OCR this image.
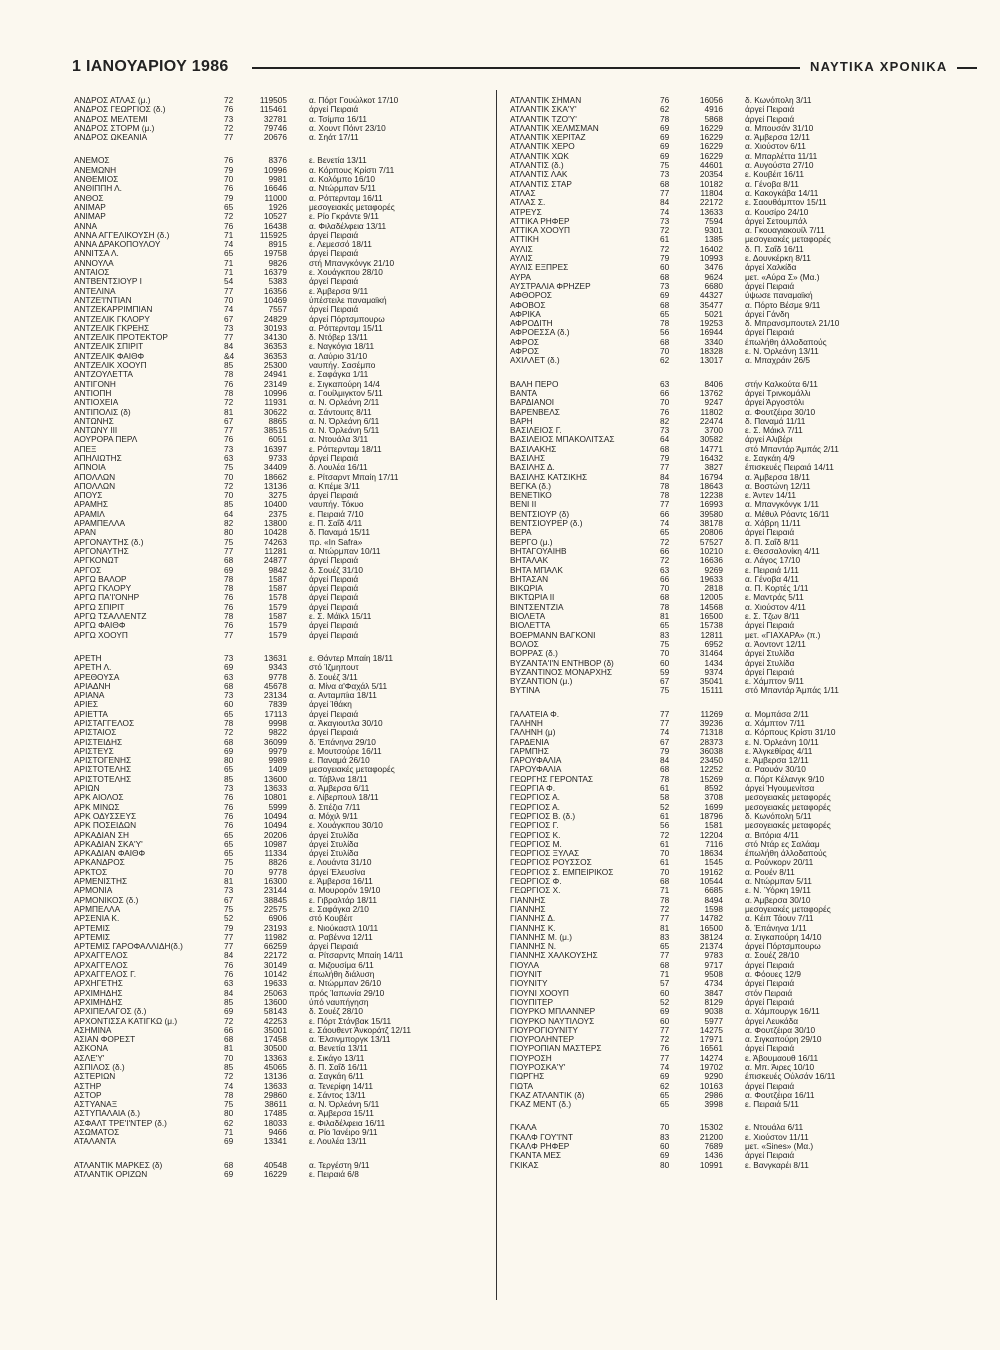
1 ΙΑΝΟΥΑΡΙΟΥ 1986	ΝΑΥΤΙΚΑ ΧΡΟΝΙΚΑ
ΑΝΔΡΟΣ ΑΤΛΑΣ (μ.)	72	119505	α. Πόρτ Γουώλκοτ 17/10
ΑΝΔΡΟΣ ΓΕΩΡΓΙΟΣ (δ.)	76	115461	άργεί Πειραιά
ΑΝΔΡΟΣ ΜΕΛΤΕΜΙ	73	32781	α. Τσίμπα 16/11
ΑΝΔΡΟΣ ΣΤΟΡΜ (μ.)	72	79746	α. Χουντ Πόιντ 23/10
ΑΝΔΡΟΣ ΩΚΕΑΝΙΑ	77	20676	α. Σηάτ 17/11
ΑΝΕΜΟΣ	76	8376	ε. Βενετία 13/11
ΑΝΕΜΩΝΗ	79	10996	α. Κόρπους Κρίστι 7/11
ΑΝΘΕΜΙΟΣ	70	9981	α. Κολόμπο 16/10
ΑΝΘΙΠΠΗ Λ.	76	16646	α. Ντώρμπαν 5/11
ΑΝΘΟΣ	79	11000	α. Ρόττερνταμ 16/11
ΑΝΙΜΑΡ	65	1926	μεσογειακές μεταφορές
ΑΝΙΜΑΡ	72	10527	ε. Ρίο Γκράντε 9/11
ΑΝΝΑ	76	16438	α. Φιλαδέλφεια 13/11
ΑΝΝΑ ΑΓΓΕΛΙΚΟΥΣΗ (δ.)	71	115925	άργεί Πειραιά
ΑΝΝΑ ΔΡΑΚΟΠΟΥΛΟΥ	74	8915	ε. Λεμεσσό 18/11
ΑΝΝΙΤΣΑ Λ.	65	19758	άργεί Πειραιά
ΑΝΝΟΥΛΑ	71	9826	στή Μπανγκόνγκ 21/10
ΑΝΤΑΙΟΣ	71	16379	ε. Χουάγκπου 28/10
ΑΝΤΒΕΝΤΣΙΟΥΡ Ι	54	5383	άργεί Πειραιά
ΑΝΤΕΛΙΝΑ	77	16356	ε. Άμβερσα 9/11
ΑΝΤΖΕ'Ι'ΝΤΙΑΝ	70	10469	ύπέστειλε παναμαϊκή
ΑΝΤΖΕΚΑΡΡΙΜΠΙΑΝ	74	7557	άργεί Πειραιά
ΑΝΤΖΕΛΙΚ ΓΚΛΟΡΥ	67	24829	άργεί Πόρτσμπουρω
ΑΝΤΖΕΛΙΚ ΓΚΡΕΗΣ	73	30193	α. Ρόττερνταμ 15/11
ΑΝΤΖΕΛΙΚ ΠΡΟΤΕΚΤΟΡ	77	34130	δ. Ντόβερ 13/11
ΑΝΤΖΕΛΙΚ ΣΠΙΡΙΤ	84	36353	ε. Ναγκόγια 18/11
ΑΝΤΖΕΛΙΚ ΦΑΙΘΦ	&4	36353	α. Λαύριο 31/10
ΑΝΤΖΕΛΙΚ ΧΟΟΥΠ	85	25300	ναυπήγ. Σασέμπο
ΑΝΤΖΟΥΛΕΤΤΑ	78	24941	ε. Σαφάγκα 1/11
ΑΝΤΙΓΟΝΗ	76	23149	ε. Σιγκαπούρη 14/4
ΑΝΤΙΟΠΗ	78	10996	α. Γουίλμιγκτον 5/11
ΑΝΤΙΟΧΕΙΑ	72	11931	α. Ν. Ορλεάνη 2/11
ΑΝΤΙΠΟΛΙΣ (δ)	81	30622	α. Σάντουιτς 8/11
ΑΝΤΩΝΗΣ	67	8865	α. Ν. Όρλεάνη 6/11
ΑΝΤΩΝΥ ΙΙΙ	77	38515	α. Ν. Όρλεάνη 5/11
ΑΟΥΡΟΡΑ ΠΕΡΛ	76	6051	α. Ντουάλα 3/11
ΑΠΕΞ	73	16397	ε. Ρόττερνταμ 18/11
ΑΠΗΛΙΩΤΗΣ	63	9733	άργεί Πειραιά
ΑΠΝΟΙΑ	75	34409	δ. Λουλέα 16/11
ΑΠΟΛΛΩΝ	70	18662	ε. Ρίτσαρντ Μπαίη 17/11
ΑΠΟΛΛΩΝ	72	13136	α. Κπέμε 3/11
ΑΠΟΥΣ	70	3275	άργεί Πειραιά
ΑΡΑΜΗΣ	85	10400	ναυπήγ. Τόκυο
ΑΡΑΜΙΛ	64	2375	ε. Πειραιά 7/10
ΑΡΑΜΠΕΛΛΑ	82	13800	ε. Π. Σαΐδ 4/11
ΑΡΑΝ	80	10428	δ. Παναμά 15/11
ΑΡΓΟΝΑΥΤΗΣ (δ.)	75	74263	πρ. «In Safra»
ΑΡΓΟΝΑΥΤΗΣ	77	11281	α. Ντώρμπαν 10/11
ΑΡΓΚΟΝΩΤ	68	24877	άργεί Πειραιά
ΑΡΓΟΣ	69	9842	δ. Σουέζ 31/10
ΑΡΓΩ ΒΑΛΟΡ	78	1587	άργεί Πειραιά
ΑΡΓΩ ΓΚΛΟΡΥ	78	1587	άργεί Πειραιά
ΑΡΓΩ ΠΑ'Ι'ΟΝΗΡ	76	1578	άργεί Πειραιά
ΑΡΓΩ ΣΠΙΡΙΤ	76	1579	άργεί Πειραιά
ΑΡΓΩ ΤΣΑΛΛΕΝΤΖ	78	1587	ε. Σ. Μάϊκλ 15/11
ΑΡΓΩ ΦΑΙΘΦ	76	1579	άργεί Πειραιά
ΑΡΓΩ ΧΟΟΥΠ	77	1579	άργεί Πειραιά
ΑΡΕΤΗ	73	13631	ε. Θάντερ Μπαίη 18/11
ΑΡΕΤΗ Λ.	69	9343	στό Ίζμηπουτ
ΑΡΕΘΟΥΣΑ	63	9778	δ. Σουέζ 3/11
ΑΡΙΑΔΝΗ	68	45678	α. Μίνα α'Φαχάλ 5/11
ΑΡΙΑΝΑ	73	23134	α. Ανταμπίια 18/11
ΑΡΙΕΣ	60	7839	άργεί Ίθάκη
ΑΡΙΕΤΤΑ	65	17113	άργεί Πειραιά
ΑΡΙΣΤΑΓΓΕΛΟΣ	78	9998	α. Άκαγιουτλα 30/10
ΑΡΙΣΤΑΙΟΣ	72	9822	άργεί Πειραιά
ΑΡΙΣΤΕΙΔΗΣ	68	36099	δ. Έπάνηνα 29/10
ΑΡΙΣΤΕΥΣ	69	9979	ε. Μουτσούρε 16/11
ΑΡΙΣΤΟΓΕΝΗΣ	80	9989	ε. Παναμά 26/10
ΑΡΙΣΤΟΤΕΛΗΣ	65	1409	μεσογειακές μεταφορές
ΑΡΙΣΤΟΤΕΛΗΣ	85	13600	α. Τάβλνα 18/11
ΑΡΙΩΝ	73	13633	α. Άμβερσα 6/11
ΑΡΚ ΑΙΟΛΟΣ	76	10801	ε. Λίβερπουλ 18/11
ΑΡΚ ΜΙΝΩΣ	76	5999	δ. Σπέζια 7/11
ΑΡΚ ΟΔΥΣΣΕΥΣ	76	10494	α. Μόχιλ 9/11
ΑΡΚ ΠΟΣΕΙΔΩΝ	76	10494	ε. Χουάγκπου 30/10
ΑΡΚΑΔΙΑΝ ΣΗ	65	20206	άργεί Στυλίδα
ΑΡΚΑΔΙΑΝ ΣΚΑ'Υ'	65	10987	άργεί Στυλίδα
ΑΡΚΑΔΙΑΝ ΦΑΙΘΦ	65	11334	άργεί Στυλίδα
ΑΡΚΑΝΔΡΟΣ	75	8826	ε. Λουάντα 31/10
ΑΡΚΤΟΣ	70	9778	άργεί Έλευσίνα
ΑΡΜΕΝΙΣΤΗΣ	81	16300	ε. Άμβερσα 16/11
ΑΡΜΟΝΙΑ	73	23144	α. Μουρορόν 19/10
ΑΡΜΟΝΙΚΟΣ (δ.)	67	38845	ε. Γιβραλτάρ 18/11
ΑΡΜΠΕΛΛΑ	75	22575	ε. Σαφάγκα 2/10
ΑΡΣΕΝΙΑ Κ.	52	6906	στό Κουβέιτ
ΑΡΤΕΜΙΣ	79	23193	ε. Νιούκαστλ 10/11
ΑΡΤΕΜΙΣ	77	11982	α. Ραβέννα 12/11
ΑΡΤΕΜΙΣ ΓΑΡΟΦΑΛΛΙΔΗ(δ.)	77	66259	άργεί Πειραιά
ΑΡΧΑΓΓΕΛΟΣ	84	22172	α. Ρίτσαρντς Μπαίη 14/11
ΑΡΧΑΓΓΕΛΟΣ	76	30149	α. Μιζουσίμα 6/11
ΑΡΧΑΓΓΕΛΟΣ Γ.	76	10142	έπωλήθη διάλυση
ΑΡΧΗΓΕΤΗΣ	63	19633	α. Ντώρμπαν 26/10
ΑΡΧΙΜΗΔΗΣ	84	25063	πρός Ίαπωνία 29/10
ΑΡΧΙΜΗΔΗΣ	85	13600	ύπό ναυπήγηση
ΑΡΧΙΠΕΛΑΓΟΣ (δ.)	69	58143	δ. Σουέζ 28/10
ΑΡΧΟΝΤΙΣΣΑ ΚΑΤΙΓΚΩ (μ.)	72	42253	ε. Πόρτ Στάνβακ 15/11
ΑΣΗΜΙΝΑ	66	35001	ε. Σάουθεντ Άνκοράτζ 12/11
ΑΣΙΑΝ ΦΟΡΕΣΤ	68	17458	α. Έλσινμποργκ 13/11
ΑΣΚΟΝΑ	81	30500	α. Βενετία 13/11
ΑΣΛΕ'Υ'	70	13363	ε. Σικάγο 13/11
ΑΣΠΙΛΟΣ (δ.)	85	45065	δ. Π. Σαΐδ 16/11
ΑΣΤΕΡΙΩΝ	72	13136	α. Σαγκάη 6/11
ΑΣΤΗΡ	74	13633	α. Τενερίφη 14/11
ΑΣΤΟΡ	78	29860	ε. Σάντος 13/11
ΑΣΤΥΑΝΑΞ	75	38611	α. Ν. Όρλεάνη 5/11
ΑΣΤΥΠΑΛΑΙΑ (δ.)	80	17485	α. Άμβερσα 15/11
ΑΣΦΑΛΤ ΤΡΕ'Ι'ΝΤΕΡ (δ.)	62	18033	ε. Φιλαδέλφεια 16/11
ΑΣΩΜΑΤΟΣ	71	9466	α. Ρίο Ίανέιρο 9/11
ΑΤΑΛΑΝΤΑ	69	13341	ε. Λουλέα 13/11
ΑΤΛΑΝΤΙΚ ΜΑΡΚΕΣ (δ)	68	40548	α. Τεργέστη 9/11
ΑΤΛΑΝΤΙΚ ΟΡΙΖΩΝ	69	16229	ε. Πειραιά 6/8
ΑΤΛΑΝΤΙΚ ΣΗΜΑΝ	76	16056	δ. Κωνόπολη 3/11
ΑΤΛΑΝΤΙΚ ΣΚΑ'Υ'	62	4916	άργεί Πειραιά
ΑΤΛΑΝΤΙΚ ΤΖΟ'Υ'	78	5868	άργεί Πειραιά
ΑΤΛΑΝΤΙΚ ΧΕΛΜΣΜΑΝ	69	16229	α. Μπουσάν 31/10
ΑΤΛΑΝΤΙΚ ΧΕΡΙΤΑΖ	69	16229	α. Άμβερσα 12/11
ΑΤΛΑΝΤΙΚ ΧΕΡΟ	69	16229	α. Χιούστον 6/11
ΑΤΛΑΝΤΙΚ ΧΩΚ	69	16229	α. Μπαρλέττα 11/11
ΑΤΛΑΝΤΙΣ (δ.)	75	44601	α. Αυγούστα 27/10
ΑΤΛΑΝΤΙΣ ΛΑΚ	73	20354	ε. Κουβέιτ 16/11
ΑΤΛΑΝΤΙΣ ΣΤΑΡ	68	10182	α. Γένοβα 8/11
ΑΤΛΑΣ	77	11804	α. Κακογκάβα 14/11
ΑΤΛΑΣ Σ.	84	22172	ε. Σαουθάμπτον 15/11
ΑΤΡΕΥΣ	74	13633	α. Κουσίρο 24/10
ΑΤΤΙΚΑ ΡΗΦΕΡ	73	7594	άργεί Σετουμπάλ
ΑΤΤΙΚΑ ΧΟΟΥΠ	72	9301	α. Γκουαγιακουίλ 7/11
ΑΤΤΙΚΗ	61	1385	μεσογειακές μεταφορές
ΑΥΛΙΣ	72	16402	δ. Π. Σαΐδ 16/11
ΑΥΛΙΣ	79	10993	ε. Δουνκέρκη 8/11
ΑΥΛΙΣ ΕΞΠΡΕΣ	60	3476	άργεί Χαλκίδα
ΑΥΡΑ	68	9624	μετ. «Αύρα Σ» (Μα.)
ΑΥΣΤΡΑΛΙΑ ΦΡΗΖΕΡ	73	6680	άργεί Πειραιά
ΑΦΘΟΡΟΣ	69	44327	ύψωσε παναμαϊκή
ΑΦΟΒΟΣ	68	35477	α. Πόρτο Βέσμε 9/11
ΑΦΡΙΚΑ	65	5021	άργεί Γάνδη
ΑΦΡΟΔΙΤΗ	78	19253	δ. Μπρανσμπουτελ 21/10
ΑΦΡΟΕΣΣΑ (δ.)	56	16944	άργεί Πειραιά
ΑΦΡΟΣ	68	3340	έπωλήθη άλλοδαπούς
ΑΦΡΟΣ	70	18328	ε. Ν. Όρλεάνη 13/11
ΑΧΙΛΛΕΤ (δ.)	62	13017	α. Μπαχράιν 26/5
ΒΑΛΗ ΠΕΡΟ	63	8406	στήν Καλκούτα 6/11
ΒΑΝΤΑ	66	13762	άργεί Τρινκομάλλι
ΒΑΡΔΙΑΝΟΙ	70	9247	άργεί Άργοστόλι
ΒΑΡΕΝΒΕΛΣ	76	11802	α. Φουτζέιρα 30/10
ΒΑΡΗ	82	22474	δ. Παναμά 11/11
ΒΑΣΙΛΕΙΟΣ Γ.	73	3700	ε. Σ. Μάικλ 7/11
ΒΑΣΙΛΕΙΟΣ ΜΠΑΚΟΛΙΤΣΑΣ	64	30582	άργεί Αλιβέρι
ΒΑΣΙΛΑΚΗΣ	68	14771	στό Μπαντάρ Άμπάς 2/11
ΒΑΣΙΛΗΣ	79	16432	ε. Σαγκάη 4/9
ΒΑΣΙΛΗΣ Δ.	77	3827	έπισκευές Πειραιά 14/11
ΒΑΣΙΛΗΣ ΚΑΤΣΙΚΗΣ	84	16794	α. Άμβερσα 18/11
ΒΕΓΚΑ (δ.)	78	18643	α. Βοστώνη 12/11
ΒΕΝΕΤΙΚΟ	78	12238	ε. Άντεν 14/11
ΒΕΝΙ ΙΙ	77	16993	α. Μπανγκόνγκ 1/11
ΒΕΝΤΣΙΟΥΡ (δ)	66	39580	α. Μέθυλ Ρόαντς 16/11
ΒΕΝΤΣΙΟΥΡΕΡ (δ.)	74	38178	α. Χάβρη 11/11
ΒΕΡΑ	65	20806	άργεί Πειραιά
ΒΕΡΓΟ (μ.)	72	57527	δ. Π. Σαΐδ 8/11
ΒΗΤΑΓΟΥΑΙΗΒ	66	10210	ε. Θεσσαλονίκη 4/11
ΒΗΤΑΛΑΚ	72	16636	α. Λάγος 17/10
ΒΗΤΑ ΜΠΑΛΚ	63	9269	ε. Πειραιά 1/11
ΒΗΤΑΣΑΝ	66	19633	α. Γένοβα 4/11
ΒΙΚΩΡΙΑ	70	2818	α. Π. Κορτές 1/11
ΒΙΚΤΩΡΙΑ ΙΙ	68	12005	ε. Μαντράς 5/11
ΒΙΝΤΣΕΝΤΖΙΑ	78	14568	α. Χιούστον 4/11
ΒΙΟΛΕΤΑ	81	16500	ε. Σ. Τζων 8/11
ΒΙΟΛΕΤΤΑ	65	15738	άργεί Πειραιά
ΒΟΕΡΜΑΝΝ ΒΑΓΚΟΝΙ	83	12811	μετ. «ΓΙΑΧΑΡΑ» (π.)
ΒΟΛΟΣ	75	6952	α. Άοντοντ 12/11
ΒΟΡΡΑΣ (δ.)	70	31464	άργεί Στυλίδα
ΒΥΖΑΝΤΑ'Ι'Ν ΕΝΤΗΒΟΡ (δ)	60	1434	άργεί Στυλίδα
ΒΥΖΑΝΤΙΝΟΣ ΜΟΝΑΡΧΗΣ	59	9374	άργεί Πειραιά
ΒΥΖΑΝΤΙΟΝ (μ.)	67	35041	ε. Χάμπτον 9/11
ΒΥΤΙΝΑ	75	15111	στό Μπαντάρ Άμπάς 1/11
ΓΑΛΑΤΕΙΑ Φ.	77	11269	α. Μομπάσα 2/11
ΓΑΛΗΝΗ	77	39236	α. Χάμπτον 7/11
ΓΑΛΗΝΗ (μ)	74	71318	α. Κόρπους Κρίστι 31/10
ΓΑΡΔΕΝΙΑ	67	28373	ε. Ν. Όρλεάνη 10/11
ΓΑΡΜΠΗΣ	79	36038	ε. Άλγκεθίρας 4/11
ΓΑΡΟΥΦΑΛΙΑ	84	23450	ε. Άμβερσα 12/11
ΓΑΡΟΥΦΑΛΙΑ	68	12252	α. Ραουάν 30/10
ΓΕΩΡΓΗΣ ΓΕΡΟΝΤΑΣ	78	15269	α. Πόρτ Κέλανγκ 9/10
ΓΕΩΡΓΙΑ Φ.	61	8592	άργεί Ήγουμενίτσα
ΓΕΩΡΓΙΟΣ Α.	58	3708	μεσογειακές μεταφορές
ΓΕΩΡΓΙΟΣ Α.	52	1699	μεσογειακές μεταφορές
ΓΕΩΡΓΙΟΣ Β. (δ.)	61	18796	δ. Κωνόπολη 5/11
ΓΕΩΡΓΙΟΣ Γ.	56	1581	μεσογειακές μεταφορές
ΓΕΩΡΓΙΟΣ Κ.	72	12204	α. Βιτόρια 4/11
ΓΕΩΡΓΙΟΣ Μ.	61	7116	στό Ντάρ ες Σαλάαμ
ΓΕΩΡΓΙΟΣ ΞΥΛΑΣ	70	18634	έπωλήθη άλλοδαπούς
ΓΕΩΡΓΙΟΣ ΡΟΥΣΣΟΣ	61	1545	α. Ρούνκορν 20/11
ΓΕΩΡΓΙΟΣ Σ. ΕΜΠΕΙΡΙΚΟΣ	70	19162	α. Ρουέν 8/11
ΓΕΩΡΓΙΟΣ Φ.	68	10544	α. Ντώρμπαν 5/11
ΓΕΩΡΓΙΟΣ Χ.	71	6685	ε. Ν. Ύόρκη 19/11
ΓΙΑΝΝΗΣ	78	8494	α. Άμβερσα 30/10
ΓΙΑΝΝΗΣ	72	1598	μεσογειακές μεταφορές
ΓΙΑΝΝΗΣ Δ.	77	14782	α. Κέιπ Τάουν 7/11
ΓΙΑΝΝΗΣ Κ.	81	16500	δ. Έπάνηνα 1/11
ΓΙΑΝΝΗΣ Μ. (μ.)	83	38124	α. Σιγκαπούρη 14/10
ΓΙΑΝΝΗΣ Ν.	65	21374	άργεί Πόρτσμπουρω
ΓΙΑΝΝΗΣ ΧΑΛΚΟΥΣΗΣ	77	9783	α. Σουέζ 28/10
ΓΙΟΥΛΑ	68	9717	άργεί Πειραιά
ΓΙΟΥΝΙΤ	71	9508	α. Φόουες 12/9
ΓΙΟΥΝΙΤΥ	57	4734	άργεί Πειραιά
ΓΙΟΥΝΙ ΧΟΟΥΠ	60	3847	στόν Πειραιά
ΓΙΟΥΠΙΤΕΡ	52	8129	άργεί Πειραιά
ΓΙΟΥΡΚΟ ΜΠΛΑΝΝΕΡ	69	9038	α. Χάμπουργκ 16/11
ΓΙΟΥΡΚΟ ΝΑΥΤΙΛΟΥΣ	60	5977	άργεί Λευκάδα
ΓΙΟΥΡΟΓΙΟΥΝΙΤΥ	77	14275	α. Φουτζέιρα 30/10
ΓΙΟΥΡΟΛΗΝΤΕΡ	72	17971	α. Σιγκαπούρη 29/10
ΓΙΟΥΡΟΠΙΑΝ ΜΑΣΤΕΡΣ	76	16561	άργεί Πειραιά
ΓΙΟΥΡΟΣΗ	77	14274	ε. Άβουμαουθ 16/11
ΓΙΟΥΡΟΣΚΑ'Υ'	74	19702	α. Μπ. Άιρες 10/10
ΓΙΩΡΓΗΣ	69	9290	έπισκευές Ούλσάν 16/11
ΓΙΩΤΑ	62	10163	άργεί Πειραιά
ΓΚΑΖ ΑΤΛΑΝΤΙΚ (δ)	65	2986	α. Φουτζέιρα 16/11
ΓΚΑΖ ΜΕΝΤ (δ.)	65	3998	ε. Πειραιά 5/11
ΓΚΑΛΑ	70	15302	ε. Ντουάλα 6/11
ΓΚΑΛΦ ΓΟΥ'Ι'ΝΤ	83	21200	ε. Χιούστον 11/11
ΓΚΑΛΦ ΡΗΦΕΡ	60	7689	μετ. «Sines» (Μα.)
ΓΚΑΝΤΑ ΜΕΣ	69	1436	άργεί Πειραιά
ΓΚΙΚΑΣ	80	10991	ε. Βανγκαρέι 8/11
